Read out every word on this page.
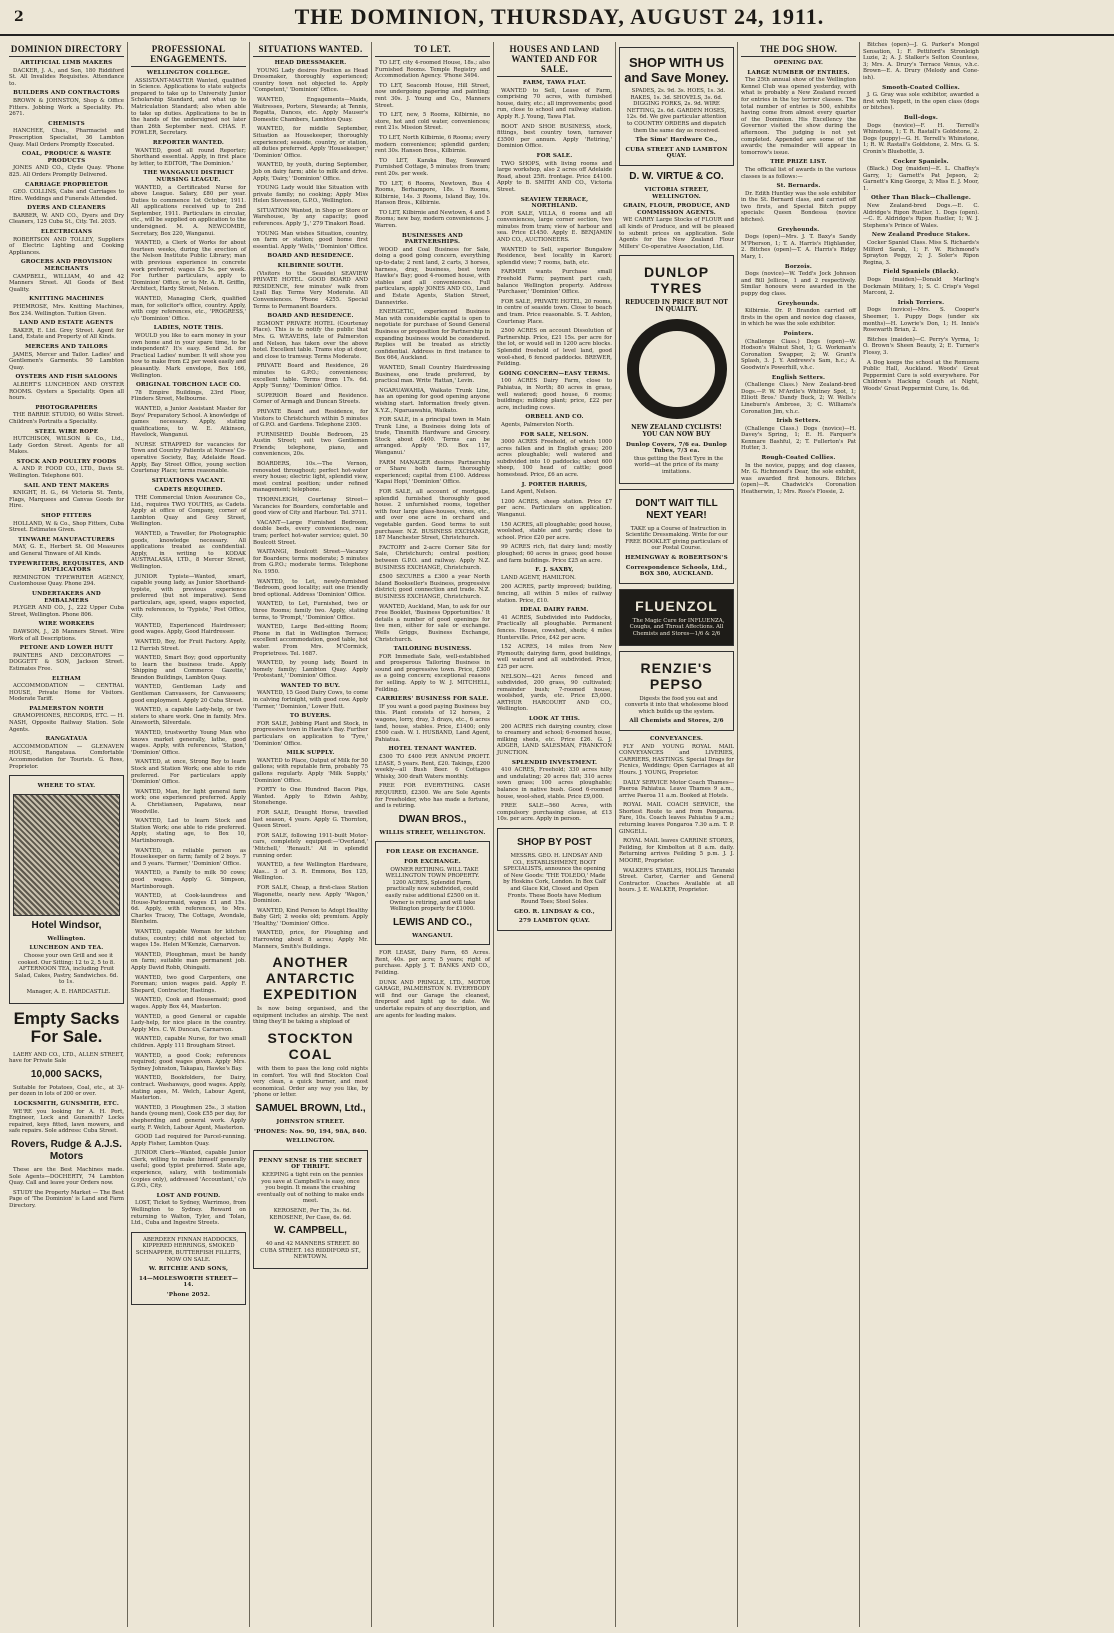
2	THE DOMINION, THURSDAY, AUGUST 24, 1911.

DOMINION DIRECTORY
ARTIFICIAL LIMB MAKERS
DACKER, J. A., and Son, 180 Riddiford St. All Invalides Requisites. Attendance to.
BUILDERS AND CONTRACTORS
BROWN & JOHNSTON, Shop & Office Fitters. Jobbing Work a Speciality. Ph. 2671.
CHEMISTS
HANCHEE, Chas., Pharmacist and Prescription Specialist, 36 Lambton Quay. Mail Orders Promptly Executed.
COAL, PRODUCE & WASTE PRODUCTS
JONES AND CO., Clyde Quay. 'Phone 825. All Orders Promptly Delivered.
CARRIAGE PROPRIETOR
GEO. COLLINS, Cabs and Carriages to Hire. Weddings and Funerals Attended.
DYERS AND CLEANERS
BARBER, W. AND CO., Dyers and Dry Cleaners, 125 Cuba St., City. Tel. 2035.
ELECTRICIANS
ROBERTSON AND TOLLEY, Suppliers of Electric Lighting and Cooking Appliances.
GROCERS AND PROVISION MERCHANTS
CAMPBELL, WILLIAM, 40 and 42 Manners Street. All Goods of Best Quality.
KNITTING MACHINES
PHEMROSE, Mrs. Knitting Machines, Box 234. Wellington. Tuition Given.
LAND AND ESTATE AGENTS
BAKER, E. Ltd. Grey Street. Agent for Land, Estate and Property of All Kinds.
MERCERS AND TAILORS
JAMES, Mercer and Tailor. Ladies' and Gentlemen's Garments. 50 Lambton Quay.
OYSTERS AND FISH SALOONS
ALBERT'S LUNCHEON AND OYSTER ROOMS. Oysters a Speciality. Open all hours.
PHOTOGRAPHERS
THE BARRIE STUDIO, 60 Willis Street. Children's Portraits a Speciality.
STEEL WIRE ROPE
HUTCHISON, WILSON & Co., Ltd., Lady Gordon Street. Agents for all Makes.
STOCK AND POULTRY FOODS
A. AND P. FOOD CO., LTD., Davis St. Wellington. Telephone 601.
SAIL AND TENT MAKERS
KNIGHT, H. G., 64 Victoria St. Tents, Flags, Marquees and Canvas Goods for Hire.
SHOP FITTERS
HOLLAND, W. & Co., Shop Fitters, Cuba Street. Estimates Given.
TINWARE MANUFACTURERS
MAY, G. E., Herbert St. Oil Measures and General Tinware of All Kinds.
TYPEWRITERS, REQUISITES, AND DUPLICATORS
REMINGTON TYPEWRITER AGENCY, Customhouse Quay. Phone 294.
UNDERTAKERS AND EMBALMERS
PLYGER AND CO., J., 222 Upper Cuba Street, Wellington. Phone 806.
WIRE WORKERS
DAWSON, J., 28 Manners Street. Wire Work of all Descriptions.
PETONE AND LOWER HUTT
PAINTERS AND DECORATORS — DOGGETT & SON, Jackson Street. Estimates Free.
ELTHAM
ACCOMMODATION — CENTRAL HOUSE, Private Home for Visitors. Moderate Tariff.
PALMERSTON NORTH
GRAMOPHONES, RECORDS, ETC. — H. NASH, Opposite Railway Station. Sole Agents.
RANGATAUA
ACCOMMODATION — GLENAVEN HOUSE, Rangataua. Comfortable Accommodation for Tourists. G. Ross, Proprietor.
WHERE TO STAY.
Hotel Windsor,
Wellington.
LUNCHEON AND TEA.
Choose your own Grill and see it cooked. Our Sitting: 12 to 2, 5 to 8. AFTERNOON TEA, including Fruit Salad, Cakes, Pastry, Sandwiches. 6d. to 1s.
Manager, A. E. HARDCASTLE.
Empty Sacks For Sale.
LAERY AND CO., LTD., ALLEN STREET, have for Private Sale
10,000 SACKS,
Suitable for Potatoes, Coal, etc., at 3/- per dozen in lots of 200 or over.
LOCKSMITH, GUNSMITH, ETC.
WE'RE you looking for A. H. Port, Engineer, Lock and Gunsmith? Locks repaired, keys fitted, lawn mowers, and safe repairs. Sole address: Cuba Street.
Rovers, Rudge & A.J.S. Motors
These are the Best Machines made. Sole Agents—DOCHERTY, 74 Lambton Quay. Call and leave your Orders now.
STUDY the Property Market — The Best Page of 'The Dominion' is Land and Farm Directory.
PROFESSIONAL ENGAGEMENTS.
WELLINGTON COLLEGE.
ASSISTANT-MASTER Wanted, qualified in Science. Applications to state subjects prepared to take up to University Junior Scholarship Standard, and what up to Matriculation Standard; also when able to take up duties. Applications to be in the hands of the undersigned not later than 26th September next. CHAS. F. FOWLER, Secretary.
REPORTER WANTED.
WANTED, good all round Reporter; Shorthand essential. Apply, in first place by letter, to EDITOR, 'The Dominion.'
THE WANGANUI DISTRICT NURSING LEAGUE.
WANTED, a Certificated Nurse for above League. Salary, £80 per year. Duties to commence 1st October, 1911. All applications received up to 2nd September, 1911. Particulars in circular, etc., will be supplied on application to the undersigned. M. A. NEWCOMBE, Secretary, Box 220, Wanganui.
WANTED, a Clerk of Works for about fourteen weeks, during the erection of the Nelson Institute Public Library; man with previous experience in concrete work preferred; wages £3 5s. per week. For further particulars, apply to 'Dominion' Office, or to Mr. A. R. Griffin, Architect, Hardy Street, Nelson.
WANTED, Managing Clerk, qualified man, for solicitor's office, country. Apply, with copy references, etc., 'PROGRESS,' c/o 'Dominion' Office.
LADIES, NOTE THIS.
WOULD you like to earn money in your own home and in your spare time, to be independent? It's easy. Send 3d. for Practical Ladies' number. It will show you how to make from £2 per week easily and pleasantly. Mark envelope, Box 166, Wellington.
ORIGINAL TORCHON LACE CO.
78 Empire Buildings, 23rd Floor, Flinders Street, Melbourne.
WANTED, a Junior Assistant Master for Boys' Preparatory School. A knowledge of games necessary. Apply, stating qualifications, to W. E. Atkinson, Havelock, Wanganui.
NURSE STRAPPED for vacancies for Town and Country Patients at Nurses' Co-operative Society, Bay, Adelaide Road. Apply, Bay Street Office, young section Courtenay Place; terms reasonable.
SITUATIONS VACANT.
CADETS REQUIRED.
THE Commercial Union Assurance Co., Ltd., requires TWO YOUTHS, as Cadets. Apply at office of Company, corner of Lambton Quay and Grey Street, Wellington.
WANTED, a Traveller, for Photographic goods, knowledge necessary. All applications treated as confidential. Apply, in writing to KODAK AUSTRALASIA, LTD., 8 Mercer Street, Wellington.
JUNIOR Typiste—Wanted, smart, capable young lady, as Junior Shorthand-typiste, with previous experience preferred (but not imperative). Send particulars, age, speed, wages expected, with references, to 'Typiste,' Post Office, City.
WANTED, Experienced Hairdresser; good wages. Apply, Good Hairdresser.
WANTED, Boy, for Fruit Factory. Apply, 12 Farrish Street.
WANTED, Smart Boy; good opportunity to learn the business trade. Apply 'Shipping and Commerce Gazette,' Brandon Buildings, Lambton Quay.
WANTED, Gentleman Lady and Gentleman Canvassers, for Canvassers; good employment. Apply 20 Cuba Street.
WANTED, a capable Lady-help, or two sisters to share work. One in family. Mrs. Ainsworth, Silverdale.
WANTED, trustworthy Young Man who knows market generally, lathe, good wages. Apply, with references, 'Station,' 'Dominion' Office.
WANTED, at once, Strong Boy to learn Stock and Station Work; one able to ride preferred. For particulars apply 'Dominion' Office.
WANTED, Man, for light general farm work; one experienced preferred. Apply A. Christiansen, Papatawa, near Woodville.
WANTED, Lad to learn Stock and Station Work; one able to ride preferred. Apply, stating age, to Box 10, Martinborough.
WANTED, a reliable person as Housekeeper on farm; family of 2 boys. 7 and 5 years. 'Farmer,' 'Dominion' Office.
WANTED, a Family to milk 50 cows; good wages. Apply G. Simpson, Martinborough.
WANTED, at Cook-laundress and House-Parlourmaid, wages £1 and 15s. 6d. Apply, with references, to Mrs. Charles Tracey, The Cottage, Avondale, Blenheim.
WANTED, capable Woman for kitchen duties, country; child not objected to; wages 15s. Helen M'Kenzie, Carnarvon.
WANTED, Ploughman, must be handy on farm; suitable man permanent job. Apply David Robb, Ohingaiti.
WANTED, two good Carpenters, one Foreman; union wages paid. Apply F. Shepard, Contractor, Hastings.
WANTED, Cook and Housemaid; good wages. Apply Box 44, Masterton.
WANTED, a good General or capable Lady-help, for nice place in the country. Apply Mrs. C. W. Duncan, Carnarvon.
WANTED, capable Nurse, for two small children. Apply 111 Brougham Street.
WANTED, a good Cook; references required; good wages given. Apply Mrs. Sydney Johnston, Takapau, Hawke's Bay.
WANTED, Bookfolders, for Dairy, contract. Washaways, good wages. Apply, stating ages, M. Welch, Labour Agent, Masterton.
WANTED, 3 Ploughmen 25s., 3 station hands (young men), Cook £55 per day, for shepherding and general work. Apply early, F. Welch, Labour Agent, Masterton.
GOOD Lad required for Parcel-running. Apply Fisher, Lambton Quay.
JUNIOR Clerk—Wanted, capable Junior Clerk, willing to make himself generally useful; good typist preferred. State age, experience, salary, with testimonials (copies only), addressed 'Accountant,' c/o G.P.O., City.
LOST AND FOUND.
LOST, Ticket to Sydney, Warrimoo, from Wellington to Sydney. Reward on returning to Walton, Tyler, and Tolan, Ltd., Cuba and Ingestre Streets.
ABERDEEN FINNAN HADDOCKS, KIPPERED HERRINGS, SMOKED SCHNAPPER, BUTTERFISH FILLETS, NOW ON SALE.
W. RITCHIE AND SONS,
14—MOLESWORTH STREET—14.
'Phone 2052.
SITUATIONS WANTED.
HEAD DRESSMAKER.
YOUNG Lady desires Position as Head Dressmaker, thoroughly experienced; country town not objected to. Apply 'Competent,' 'Dominion' Office.
WANTED, Engagements—Maids, Waitresses, Porters, Stewards; at Tennis, Regatta, Dances, etc. Apply Mauser's Domestic Chambers, Lambton Quay.
WANTED, for middle September, Situation as Housekeeper, thoroughly experienced; seaside, country, or station, all duties preferred. Apply 'Housekeeper,' 'Dominion' Office.
WANTED, by youth, during September, Job on dairy farm; able to milk and drive. Apply, 'Dairy,' 'Dominion' Office.
YOUNG Lady would like Situation with private family; no cooking; Apply Miss Helen Stevenson, G.P.O., Wellington.
SITUATION Wanted, in Shop or Store or Warehouse, by any capacity; good references. Apply 'J.,' 279 Tinakori Road.
YOUNG Man wishes Situation, country, on farm or station; good home first essential. Apply 'Wells,' 'Dominion' Office.
BOARD AND RESIDENCE.
KILBIRNIE SOUTH.
(Visitors to the Seaside) SEAVIEW PRIVATE HOTEL. GOOD BOARD AND RESIDENCE, few minutes' walk from Lyall Bay. Terms Very Moderate. All Conveniences. 'Phone 4255. Special Terms to Permanent Boarders.
BOARD AND RESIDENCE.
EGMONT PRIVATE HOTEL (Courtenay Place). This is to notify the public that Mrs. G. WEAVERS, late of Palmerston and Nelson, has taken over the above hotel. Excellent table. Trams stop at door, and close to tramway. Terms Moderate.
PRIVATE Board and Residence, 26 minutes to G.P.O.; conveniences; excellent table. Terms from 17s. 6d. Apply 'Sunny,' 'Dominion' Office.
SUPERIOR Board and Residence. Corner of Armagh and Duncan Streets.
PRIVATE Board and Residence, for Visitors to Christchurch within 5 minutes of G.P.O. and Gardens. Telephone 2305.
FURNISHED Double Bedroom, 25 Austin Street; suit two Gentlemen Friends; telephone, piano, and conveniences, 20s.
BOARDERS, 10s.—The Vernon, renovated throughout; perfect hot-water every house; electric light, splendid view, most central position; under refined management; telephone.
THORNLEIGH, Courtenay Street—Vacancies for Boarders, comfortable and good view of City and Harbour. Tel. 3711.
VACANT—Large Furnished Bedroom, double beds, every convenience, near tram; perfect hot-water service; quiet. 50 Boulcott Street.
WAITANGI, Boulcott Street—Vacancy for Boarders; terms moderate; 5 minutes from G.P.O.; moderate terms. Telephone No. 1950.
WANTED, to Let, newly-furnished 'Bedroom, good locality; suit one friendly bred optional. Address 'Dominion' Office.
WANTED, to Let, Furnished, two or three Rooms; family two. Apply, stating terms, to 'Prompt,' 'Dominion' Office.
WANTED, Large Bed-sitting Room; Phone in flat in Wellington Terrace; excellent accommodation, good table, hot water. From Mrs. M'Cormick, Proprietress. Tel. 1687.
WANTED, by young lady, Board in homely family; Lambton Quay. Apply 'Protestant,' 'Dominion' Office.
WANTED TO BUY.
WANTED, 15 Good Dairy Cows, to come in calving fortnight, with good cow. Apply 'Farmer,' 'Dominion,' Lower Hutt.
TO BUYERS.
FOR SALE, Jobbing Plant and Stock, in progressive town in Hawke's Bay. Further particulars on application to 'Tyre,' 'Dominion' Office.
MILK SUPPLY.
WANTED to Place, Output of Milk for 50 gallons; with reputable firm, probably 75 gallons regularly. Apply 'Milk Supply,' 'Dominion' Office.
FORTY to One Hundred Bacon Pigs, Wanted. Apply to Edwin Ashby, Stonehenge.
FOR SALE, Draught Horse, travelled last season, 4 years. Apply G. Thornton, Queen Street.
FOR SALE, following 1911-built Motor-cars, completely equipped:—'Overland,' 'Mitchell,' 'Renault.' All in splendid running order.
WANTED, a few Wellington Hardware, Alas... 3 of 3. R. Emmons, Box 125, Wellington.
FOR SALE, Cheap, a first-class Station Wagonette, nearly new. Apply 'Wagon,' Dominion.
WANTED, Kind Person to Adopt Healthy Baby Girl; 2 weeks old; premium. Apply 'Healthy,' 'Dominion' Office.
WANTED, price, for Ploughing and Harrowing about 8 acres; Apply Mr. Manners, Smith's Buildings.
ANOTHER ANTARCTIC EXPEDITION
Is now being organised, and the equipment includes an airship. The next thing they'll be taking a shipload of
STOCKTON COAL
with them to pass the long cold nights in comfort. You will find Stockton Coal very clean, a quick burner, and most economical. Order any way you like, by 'phone or letter.
SAMUEL BROWN, Ltd.,
JOHNSTON STREET.
'PHONES: Nos. 90, 194, 98A, 840.
WELLINGTON.
PENNY SENSE IS THE SECRET OF THRIFT.
KEEPING a tight rein on the pennies you save at Campbell's is easy, once you begin. It means the crushing eventually out of nothing to make ends meet.
KEROSENE, Per Tin, 3s. 6d. KEROSENE, Per Case, 6s. 6d.
W. CAMPBELL,
40 and 42 MANNERS STREET. 80 CUBA STREET. 163 RIDDIFORD ST., NEWTOWN.
TO LET.
TO LET, city 4-roomed House, 18s.; also Furnished Rooms. Temple Registry and Accommodation Agency. 'Phone 3494.
TO LET, Seacomb House, Hill Street, now undergoing papering and painting; rent 30s. J. Young and Co., Manners Street.
TO LET, new, 5 Rooms, Kilbirnie, no store, hot and cold water, conveniences; rent 21s. Mission Street.
TO LET, North Kilbirnie, 6 Rooms; every modern convenience; splendid garden; rent 30s. Hanson Bros., Kilbirnie.
TO LET, Karaka Bay, Seaward Furnished Cottage, 5 minutes from tram; rent 20s. per week.
TO LET, 6 Rooms, Newtown, Bus 4 Rooms, Berhampore, 18s. 1 Rooms, Kilbirnie, 14s. 3 Rooms, Island Bay, 10s. Hanson Bros., Kilbirnie.
TO LET, Kilbirnie and Newtown, 4 and 5 Rooms; new bay, modern conveniences. J. Warren.
BUSINESSES AND PARTNERSHIPS.
WOOD and Coal Business for Sale, doing a good going concern, everything up-to-date; 2 rent land, 2 carts, 3 horses, harness, dray, business, best town Hawke's Bay; good 4-roomed house, with stables and all conveniences. Full particulars, apply JONES AND CO., Land and Estate Agents, Station Street, Dannevirke.
ENERGETIC, experienced Business Man with considerable capital is open to negotiate for purchase of Sound General Business or proposition for Partnership in expanding business would be considered. Replies will be treated as strictly confidential. Address in first instance to Box 664, Auckland.
WANTED, Small Country Hairdressing Business, one trade preferred, by practical man. Write 'Rattan,' Levin.
NGARUAWAHIA, Waikato Trunk Line, has an opening for good opening anyone wishing start. Information freely given. X.Y.Z., Ngaruawahia, Waikato.
FOR SALE, in a principal town in Main Trunk Line, a Business doing lots of trade, Tinsmith Hardware and Grocery. Stock about £400. Terms can be arranged. Apply 'P.O. Box 117, Wanganui.'
FARM MANAGER desires Partnership or Share both farm, thoroughly experienced; capital from £100. Address 'Kapai Hopi,' 'Dominion' Office.
FOR SALE, all account of mortgage, splendid furnished thoroughly good house. 2 unfurnished rooms, together with four large glass-houses, vines, etc., and over one acre in orchard and vegetable garden. Good terms to suit purchaser. N.Z. BUSINESS EXCHANGE, 187 Manchester Street, Christchurch.
FACTORY and 2-acre Corner Site for Sale, Christchurch; central position; between G.P.O. and railway. Apply N.Z. BUSINESS EXCHANGE, Christchurch.
£500 SECURES a £300 a year North Island Bookseller's Business, progressive district; good connection and trade. N.Z. BUSINESS EXCHANGE, Christchurch.
WANTED, Auckland, Man, to ask for our Free Booklet, 'Business Opportunities.' It details a number of good openings for live men, either for sale or exchange. Wells Griggs, Business Exchange, Christchurch.
TAILORING BUSINESS.
FOR Immediate Sale, well-established and prosperous Tailoring Business in sound and progressive town. Price, £300 as a going concern; exceptional reasons for selling. Apply to W. J. MITCHELL, Feilding.
CARRIERS' BUSINESS FOR SALE.
IF you want a good paying Business buy this. Plant consists of 12 horses, 2 wagons, lorry, dray, 3 drays, etc., 6 acres land, house, stables. Price, £1400; only £500 cash. W. I. HUSBAND, Land Agent, Pahiatua.
HOTEL TENANT WANTED.
£300 TO £400 PER ANNUM PROFIT. LEASE, 5 years. Rent, £20. Takings, £200 weekly—all Bush Beer. 6 Cottages Whisky, 300 draft Waters monthly.
FREE FOR EVERYTHING. CASH REQUIRED, £2300. We are Sole Agents for Freeholder, who has made a fortune, and is retiring.
DWAN BROS.,
WILLIS STREET, WELLINGTON.
FOR LEASE OR EXCHANGE.
FOR EXCHANGE.
OWNER RETIRING. WILL TAKE WELLINGTON TOWN PROPERTY. 1200 ACRES, Splendid Farm, practically now subdivided, could easily raise additional £2500 on it. Owner is retiring, and will take Wellington property for £1000.
LEWIS AND CO.,
WANGANUI.
FOR LEASE, Dairy Farm, 65 Acres. Rent, 40s. per acre; 5 years; right of purchase. Apply J. T. BANKS AND CO., Feilding.
DUNK AND PRINGLE, LTD., MOTOR GARAGE, PALMERSTON N. EVERYBODY will find our Garage the cleanest, fireproof and light up to date. We undertake repairs of any description, and are agents for leading makes.
HOUSES AND LAND WANTED AND FOR SALE.
FARM, TAWA FLAT.
WANTED to Sell, Lease of Farm, comprising 70 acres, with furnished house, dairy, etc.; all improvements; good run, close to school and railway station. Apply R. J. Young, Tawa Flat.
BOOT AND SHOE BUSINESS, stock, fittings, best country town, turnover £3500 per annum. Apply 'Retiring,' Dominion Office.
FOR SALE.
TWO SHOPS, with living rooms and large workshop, also 2 acres off Adelaide Road, about 25ft. frontage. Price £4100. Apply to B. SMITH AND CO., Victoria Street.
SEAVIEW TERRACE, NORTHLAND.
FOR SALE, VILLA, 6 rooms and all conveniences, large corner section, two minutes from tram; view of harbour and sea. Price £1450. Apply E. BENJAMIN AND CO., AUCTIONEERS.
WANTED to Sell, superior Bungalow Residence, best locality in Karori; splendid view; 7 rooms, bath, etc.
FARMER wants Purchase small Freehold Farm; payment part cash, balance Wellington property. Address 'Purchaser,' 'Dominion' Office.
FOR SALE, PRIVATE HOTEL, 20 rooms, in centre of seaside town. Close to beach and tram. Price reasonable. S. T. Ashton, Courtenay Place.
2500 ACRES on account Dissolution of Partnership. Price, £21 15s. per acre for the lot, or would sell in 1200 acre blocks. Splendid freehold of level land, good wool-shed, 6 fenced paddocks. BREWER, Feilding.
GOING CONCERN—EASY TERMS.
100 ACRES Dairy Farm, close to Pahiatua, in North; 80 acres in grass, well watered; good house, 6 rooms; buildings; milking plant; price, £22 per acre, including cows.
ORBELL AND CO.
Agents, Palmerston North.
FOR SALE, NELSON.
3000 ACRES Freehold, of which 1000 acres fallen and in English grass; 200 acres ploughable; well watered and subdivided into 10 paddocks; about 600 sheep, 100 head of cattle; good homestead. Price, £6 an acre.
J. PORTER HARRIS,
Land Agent, Nelson.
1200 ACRES, sheep station. Price £7 per acre. Particulars on application. Wanganui.
150 ACRES, all ploughable; good house, woolshed, stable and yards; close to school. Price £20 per acre.
99 ACRES rich, flat dairy land; mostly ploughed; 60 acres in grass; good house and farm buildings. Price £25 an acre.
F. J. SAXBY,
LAND AGENT, HAMILTON.
200 ACRES, partly improved; building, fencing, all within 5 miles of railway station. Price, £10.
IDEAL DAIRY FARM.
41 ACRES, Subdivided into Paddocks, Practically all ploughable. Permanent fences. House, cowshed, sheds; 4 miles Hunterville. Price, £42 per acre.
152 ACRES, 14 miles from New Plymouth; dairying farm, good buildings, well watered and all subdivided. Price, £25 per acre.
NELSON—421 Acres fenced and subdivided, 200 grass, 90 cultivated; remainder bush; 7-roomed house, woolshed, yards, etc. Price £5,000. ARTHUR HARCOURT AND CO., Wellington.
LOOK AT THIS.
200 ACRES rich dairying country, close to creamery and school; 6-roomed house, milking sheds, etc. Price £26. G. J. ADGER, LAND SALESMAN, FRANKTON JUNCTION.
SPLENDID INVESTMENT.
410 ACRES, Freehold; 330 acres hilly and undulating; 20 acres flat; 310 acres sown grass; 100 acres ploughable; balance in native bush. Good 6-roomed house, wool-shed, stable. Price £9,000.
FREE SALE—560 Acres, with compulsory purchasing clause, at £13 10s. per acre. Apply in person.
SHOP BY POST
MESSRS. GEO. H. LINDSAY AND CO., ESTABLISHMENT, BOOT SPECIALISTS, announce the opening of New Goods: 'THE TOLEDO,' Made by Hoskins Cork, London. In Box Calf and Glace Kid, Closed and Open Fronts. These Boots have Medium Round Toes; Steel Soles.
GEO. R. LINDSAY & CO.,
279 LAMBTON QUAY.
SHOP WITH US and Save Money.
SPADES, 2s. 9d. 3s. HOES, 1s. 3d. RAKES, 1s. 3d. SHOVELS, 3s. 6d. DIGGING FORKS, 2s. 9d. WIRE NETTING, 2s. 6d. GARDEN HOSES, 12s. 6d. We give particular attention to COUNTRY ORDERS and dispatch them the same day as received.
The Sims' Hardware Co.,
CUBA STREET AND LAMBTON QUAY.
D. W. VIRTUE & CO.
VICTORIA STREET, WELLINGTON.
GRAIN, FLOUR, PRODUCE, AND COMMISSION AGENTS.
WE CARRY Large Stocks of FLOUR and all kinds of Produce, and will be pleased to submit prices on application. Sole Agents for the New Zealand Flour Millers' Co-operative Association, Ltd.
DUNLOP TYRES
REDUCED IN PRICE BUT NOT IN QUALITY.
NEW ZEALAND CYCLISTS! YOU CAN NOW BUY
Dunlop Covers, 7/6 ea. Dunlop Tubes, 7/3 ea.
thus getting the Best Tyre in the world—at the price of its many imitations.
DON'T WAIT TILL NEXT YEAR!
TAKE up a Course of Instruction in Scientific Dressmaking. Write for our FREE BOOKLET giving particulars of our Postal Course.
HEMINGWAY & ROBERTSON'S
Correspondence Schools, Ltd., BOX 380, AUCKLAND.
FLUENZOL
The Magic Cure for INFLUENZA, Coughs, and Throat Affections. All Chemists and Stores—1/6 & 2/6
RENZIE'S PEPSO
Digests the food you eat and converts it into that wholesome blood which builds up the system.
All Chemists and Stores, 2/6
CONVEYANCES.
FLY AND YOUNG ROYAL MAIL CONVEYANCES and LIVERIES, CARRIERS, HASTINGS. Special Drags for Picnics, Weddings; Open Carriages at all Hours. J. YOUNG, Proprietor.
DAILY SERVICE Motor Coach Thames—Paeroa Pahiatua. Leave Thames 9 a.m., arrive Paeroa 11 a.m. Booked at Hotels.
ROYAL MAIL COACH SERVICE, the Shortest Route to and from Pongaroa. Fare, 10s. Coach leaves Pahiatua 9 a.m.; returning leaves Pongaroa 7.30 a.m. T. P. GINGELL.
ROYAL MAIL leaves CARRINE STORES, Feilding, for Kimbolton at 8 a.m. daily. Returning arrives Feilding 5 p.m. J. J. MOORE, Proprietor.
WALKER'S STABLES, HOLLIS Taranaki Street. Carter, Carrier and General Contractor. Coaches Available at all hours. J. E. WALKER, Proprietor.
THE DOG SHOW.
OPENING DAY.
LARGE NUMBER OF ENTRIES.
The 25th annual show of the Wellington Kennel Club was opened yesterday, with what is probably a New Zealand record for entries in the toy terrier classes. The total number of entries is 500, exhibits having come from almost every quarter of the Dominion. His Excellency the Governor visited the show during the afternoon. The judging is not yet completed. Appended are some of the awards; the remainder will appear in tomorrow's issue.
THE PRIZE LIST.
The official list of awards in the various classes is as follows:—
St. Bernards.
Dr. Edith Huntley was the sole exhibitor in the St. Bernard class, and carried off two firsts, and Special Bitch puppy specials: Queen Bondessa (novice bitches).
Greyhounds.
Dogs (open)—Mrs. J. T. Baxy's Sandy M'Pherson, 1; T. A. Harris's Highlander, 2. Bitches (open)—T. A. Harris's Ridgy Mary, 1.
Borzois.
Dogs (novice)—W. Tedd's Jock Johnson and Bill Jellicoe, 1 and 2 respectively. Similar honours were awarded in the puppy dog class.
Greyhounds.
Kilbirnie. Dr. P. Brandon carried off firsts in the open and novice dog classes, in which he was the sole exhibitor.
Pointers.
(Challenge Class.) Dogs (open)—W. Hodson's Walnut Shot, 1; G. Workman's Coronation Swapper, 2; W. Grant's Splash, 3. J. Y. Andrews's Sam, h.c.; A. Goodwin's Powerhill, v.h.c.
English Setters.
(Challenge Class.) New Zealand-bred Dogs.—P. W. M'Ardle's Whitney Spot, 1; Elliott Bros.' Dandy Buck, 2; W. Wells's Lineburn's Ambrose, 3; C. Williams's Coronation Jim, v.h.c.
Irish Setters.
(Challenge Class.) Dogs (novice)—H. Davey's Spring, 1; E. H. Farquer's Kenmare Bashful, 2; T. Fullerton's Pat Hutter, 3.
Rough-Coated Collies.
In the novice, puppy, and dog classes, Mr. G. Richmond's Dear, the sole exhibit, was awarded first honours. Bitches (open)—R. Chadwick's Coronation Heatherwin, 1; Mrs. Ross's Flossie, 2.
Bitches (open)—J. G. Parker's Mongol Sensation, 1; F. Pettiford's Stronleigh Luzie, 2; A. J. Stalker's Selton Countess, 3; Mrs. A. Drury's Terrace Venus, v.h.c. Brown—E. A. Drury (Melody and Cone-ish).
Smooth-Coated Collies.
J. G. Gray was sole exhibitor, awarded a first with Yeppett, in the open class (dogs or bitches).
Bull-dogs.
Dogs (novice)—F. H. Terrell's Whinstone, 1; T. R. Rastall's Goldstone, 2. Dogs (puppy)—G. H. Terrell's Whinstone, 1; R. W. Rastall's Goldstone, 2. Mrs. G. S. Cronin's Bluebottle, 3.
Cocker Spaniels.
(Black.) Dog (maiden)—E. L. Chaffey's Garry, 1; Garnett's Pat Jepson, 2; Garnett's King George, 3; Miss E. J. Moor, 1.
Other Than Black—Challenge.
New Zealand-bred Dogs.—E. C. Aldridge's Ripon Rustler, 1. Dogs (open).—C. E. Aldridge's Ripon Rustler, 1; W. J. Stephens's Prince of Wales.
New Zealand Produce Stakes.
Cocker Spaniel Class. Miss S. Richards's Milford Sarah, 1; F. W. Richmond's Sprayton Peggy, 2; J. Soler's Ripon Regina, 3.
Field Spaniels (Black).
Dogs (maiden)—Donald Marling's Dockmain Military, 1; S. C. Crisp's Vogel Marconi, 2.
Irish Terriers.
Dogs (novice)—Mrs. S. Cooper's Sheemer, 1. Puppy Dogs (under six months)—H. Lowrie's Don, 1; H. Innis's Rosewarth Brian, 2.
Bitches (maiden)—C. Perry's Vyrma, 1; O. Brown's Sheen Beauty, 2; E. Turner's Flossy, 3.
A Dog keeps the school at the Remuera Public Hall, Auckland. Woods' Great Peppermint Cure is sold everywhere. For Children's Hacking Cough at Night, Woods' Great Peppermint Cure, 1s. 6d.
